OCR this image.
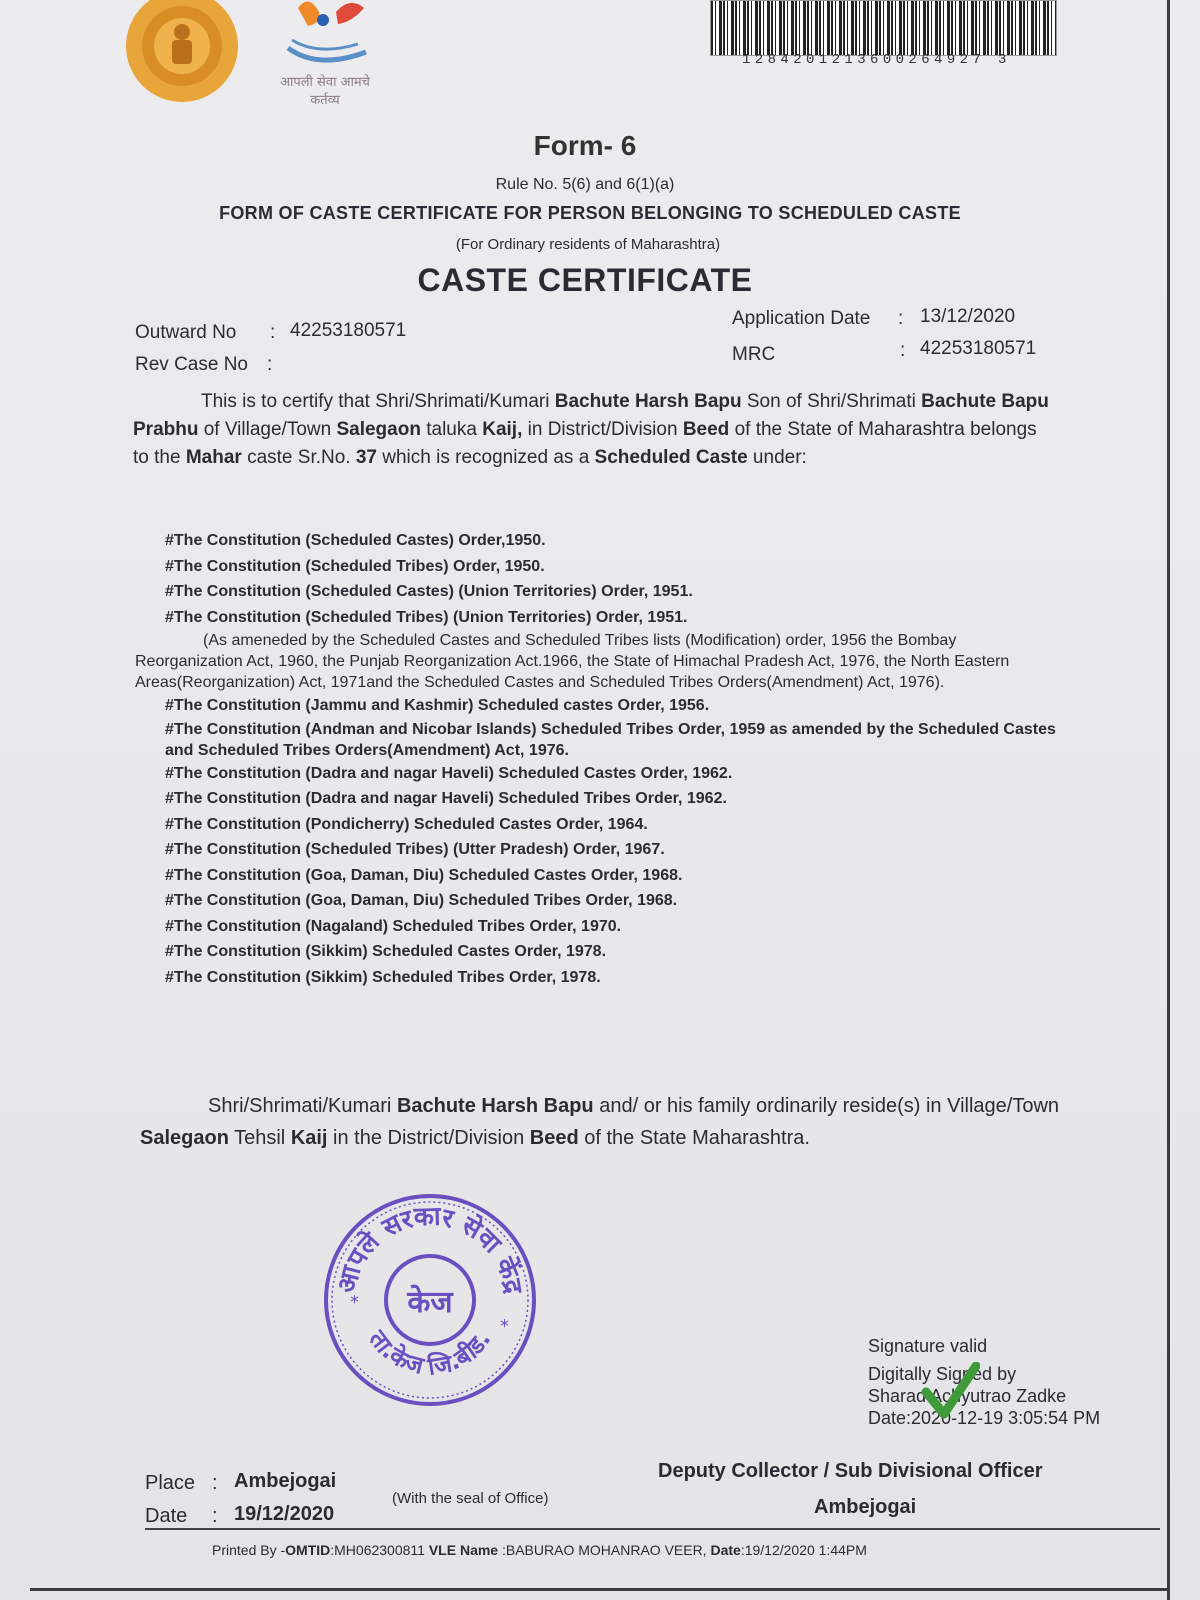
आपली सेवा आमचे कर्तव्य
1284201213600264927 3
Form- 6
Rule No. 5(6) and 6(1)(a)
FORM OF CASTE CERTIFICATE FOR PERSON BELONGING TO SCHEDULED CASTE
(For Ordinary residents of Maharashtra)
CASTE CERTIFICATE
Outward No : 42253180571
Rev Case No :
Application Date : 13/12/2020
MRC	: 42253180571
This is to certify that Shri/Shrimati/Kumari Bachute Harsh Bapu Son of Shri/Shrimati Bachute Bapu Prabhu of Village/Town Salegaon taluka Kaij, in District/Division Beed of the State of Maharashtra belongs to the Mahar caste Sr.No. 37 which is recognized as a Scheduled Caste under:
#The Constitution (Scheduled Castes) Order,1950.
#The Constitution (Scheduled Tribes) Order, 1950.
#The Constitution (Scheduled Castes) (Union Territories) Order, 1951.
#The Constitution (Scheduled Tribes) (Union Territories) Order, 1951.
(As ameneded by the Scheduled Castes and Scheduled Tribes lists (Modification) order, 1956 the Bombay Reorganization Act, 1960, the Punjab Reorganization Act.1966, the State of Himachal Pradesh Act, 1976, the North Eastern Areas(Reorganization) Act, 1971and the Scheduled Castes and Scheduled Tribes Orders(Amendment) Act, 1976).
#The Constitution (Jammu and Kashmir) Scheduled castes Order, 1956.
#The Constitution (Andman and Nicobar Islands) Scheduled Tribes Order, 1959 as amended by the Scheduled Castes and Scheduled Tribes Orders(Amendment) Act, 1976.
#The Constitution (Dadra and nagar Haveli) Scheduled Castes Order, 1962.
#The Constitution (Dadra and nagar Haveli) Scheduled Tribes Order, 1962.
#The Constitution (Pondicherry) Scheduled Castes Order, 1964.
#The Constitution (Scheduled Tribes) (Utter Pradesh) Order, 1967.
#The Constitution (Goa, Daman, Diu) Scheduled Castes Order, 1968.
#The Constitution (Goa, Daman, Diu) Scheduled Tribes Order, 1968.
#The Constitution (Nagaland) Scheduled Tribes Order, 1970.
#The Constitution (Sikkim) Scheduled Castes Order, 1978.
#The Constitution (Sikkim) Scheduled Tribes Order, 1978.
Shri/Shrimati/Kumari Bachute Harsh Bapu and/ or his family ordinarily reside(s) in Village/Town Salegaon Tehsil Kaij in the District/Division Beed of the State Maharashtra.
आपले सरकार सेवा केंद्र
केज
ता.केज जि.बीड.
*
*
Signature valid
Digitally Signed by
Sharad Achyutrao Zadke
Date:2020-12-19 3:05:54 PM
Place : Ambejogai
Date : 19/12/2020
(With the seal of Office)
Deputy Collector / Sub Divisional Officer
Ambejogai
Printed By -OMTID:MH062300811 VLE Name :BABURAO MOHANRAO VEER, Date:19/12/2020 1:44PM
